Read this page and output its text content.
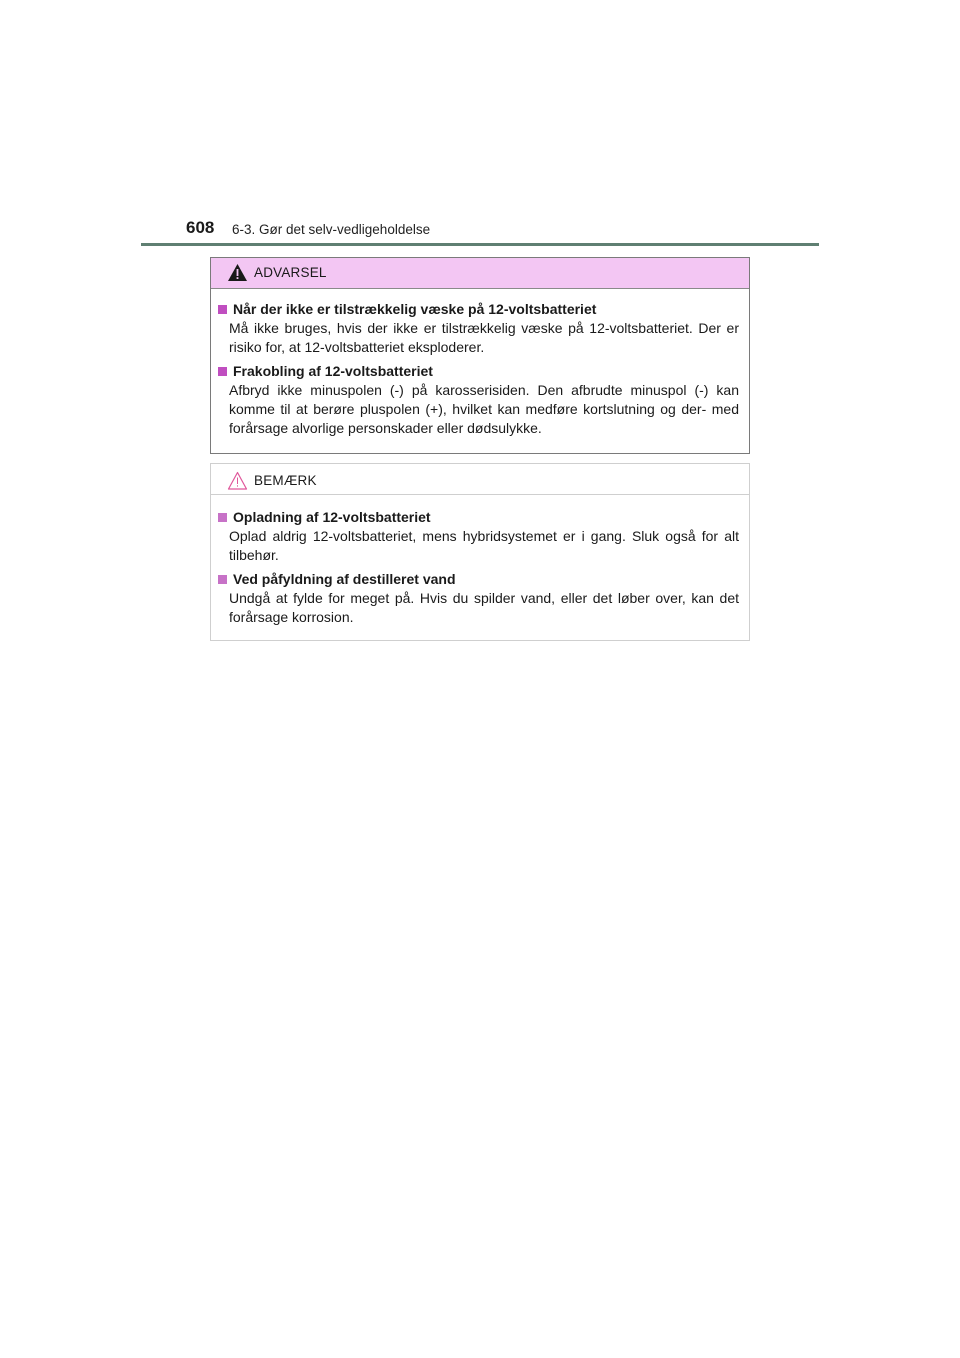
608 6-3. Gør det selv-vedligeholdelse
ADVARSEL
Når der ikke er tilstrækkelig væske på 12-voltsbatteriet
Må ikke bruges, hvis der ikke er tilstrækkelig væske på 12-voltsbatteriet. Der er risiko for, at 12-voltsbatteriet eksploderer.
Frakobling af 12-voltsbatteriet
Afbryd ikke minuspolen (-) på karosserisiden. Den afbrudte minuspol (-) kan komme til at berøre pluspolen (+), hvilket kan medføre kortslutning og der- med forårsage alvorlige personskader eller dødsulykke.
BEMÆRK
Opladning af 12-voltsbatteriet
Oplad aldrig 12-voltsbatteriet, mens hybridsystemet er i gang. Sluk også for alt tilbehør.
Ved påfyldning af destilleret vand
Undgå at fylde for meget på. Hvis du spilder vand, eller det løber over, kan det forårsage korrosion.
